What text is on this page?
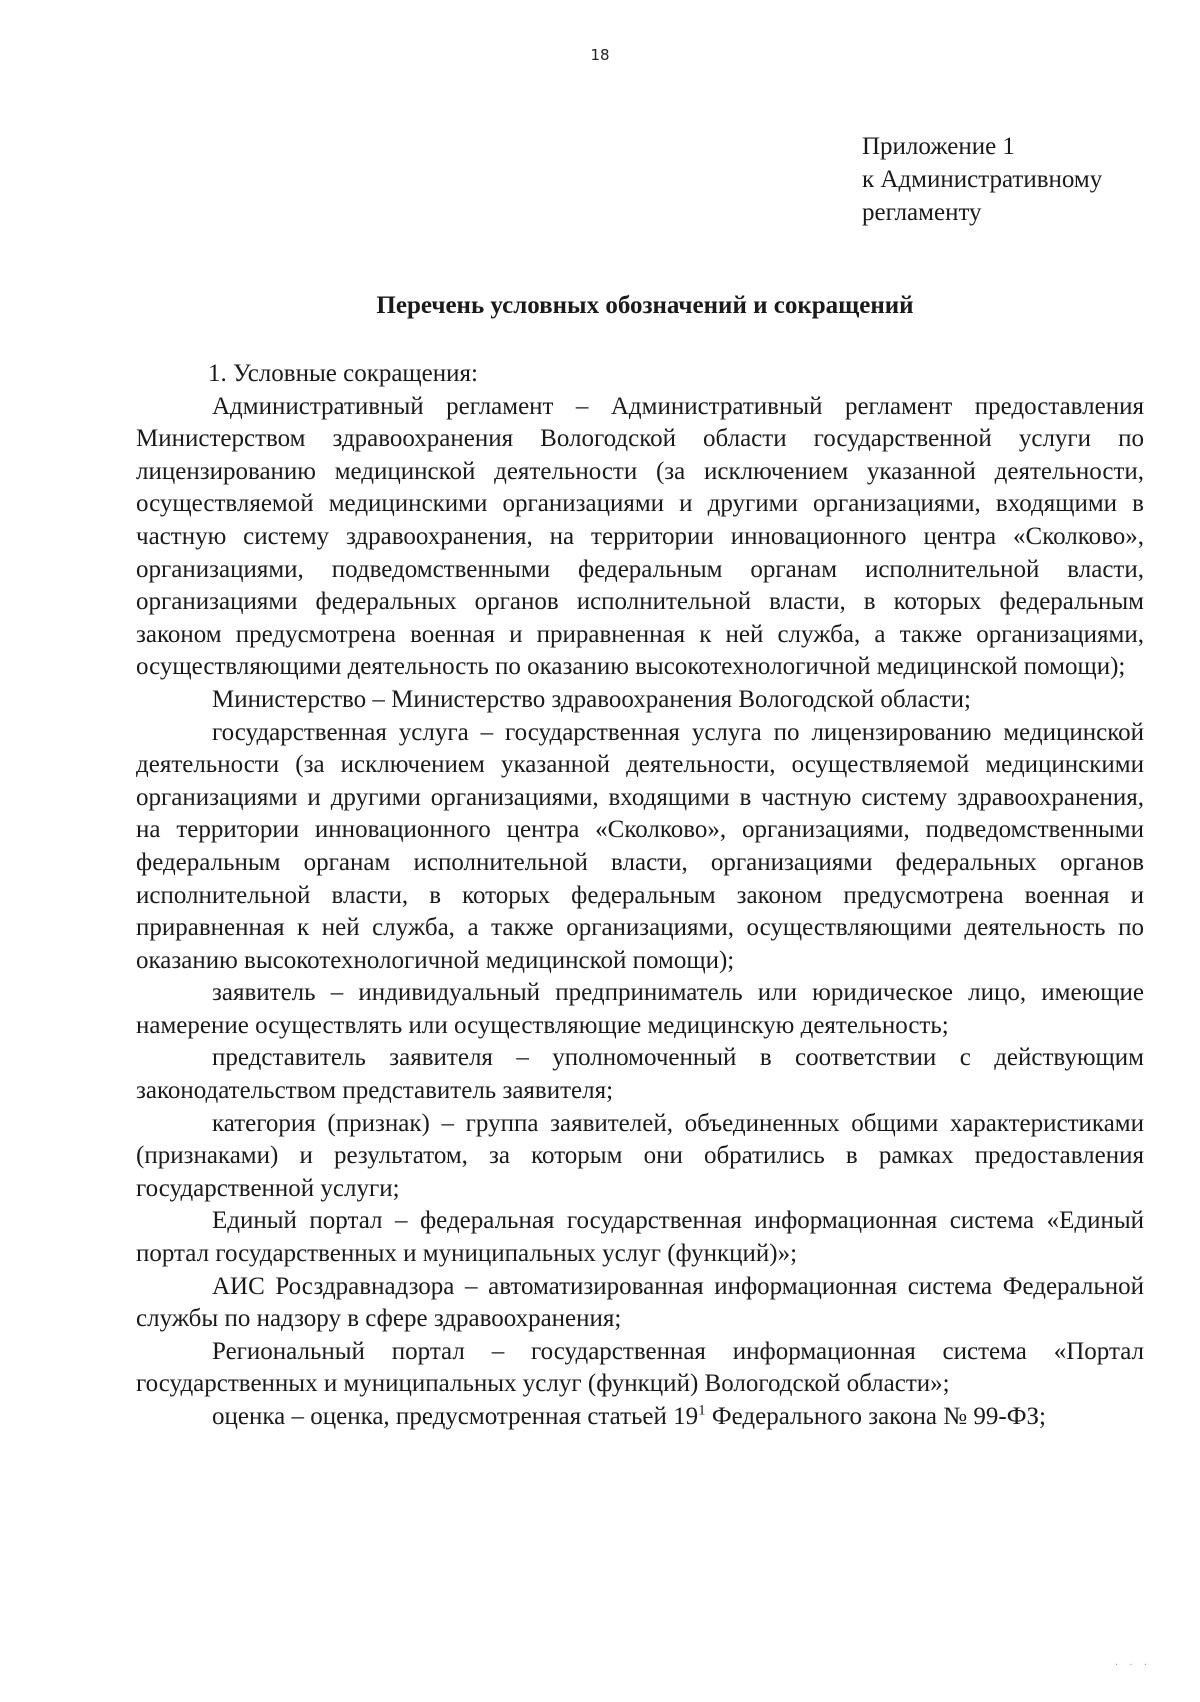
18
Приложение 1
к Административному
регламенту
Перечень условных обозначений и сокращений

1. Условные сокращения:

Административный регламент – Административный регламент предоставления Министерством здравоохранения Вологодской области государственной услуги по лицензированию медицинской деятельности (за исключением указанной деятельности, осуществляемой медицинскими организациями и другими организациями, входящими в частную систему здравоохранения, на территории инновационного центра «Сколково», организациями, подведомственными федеральным органам исполнительной власти, организациями федеральных органов исполнительной власти, в которых федеральным законом предусмотрена военная и приравненная к ней служба, а также организациями, осуществляющими деятельность по оказанию высокотехнологичной медицинской помощи);

Министерство – Министерство здравоохранения Вологодской области;

государственная услуга – государственная услуга по лицензированию медицинской деятельности (за исключением указанной деятельности, осуществляемой медицинскими организациями и другими организациями, входящими в частную систему здравоохранения, на территории инновационного центра «Сколково», организациями, подведомственными федеральным органам исполнительной власти, организациями федеральных органов исполнительной власти, в которых федеральным законом предусмотрена военная и приравненная к ней служба, а также организациями, осуществляющими деятельность по оказанию высокотехнологичной медицинской помощи);

заявитель – индивидуальный предприниматель или юридическое лицо, имеющие намерение осуществлять или осуществляющие медицинскую деятельность;

представитель заявителя – уполномоченный в соответствии с действующим законодательством представитель заявителя;

категория (признак) – группа заявителей, объединенных общими характеристиками (признаками) и результатом, за которым они обратились в рамках предоставления государственной услуги;

Единый портал – федеральная государственная информационная система «Единый портал государственных и муниципальных услуг (функций)»;

АИС Росздравнадзора – автоматизированная информационная система Федеральной службы по надзору в сфере здравоохранения;

Региональный портал – государственная информационная система «Портал государственных и муниципальных услуг (функций) Вологодской области»;

оценка – оценка, предусмотренная статьей $19^1$ Федерального закона № 99-ФЗ;

· · ·
